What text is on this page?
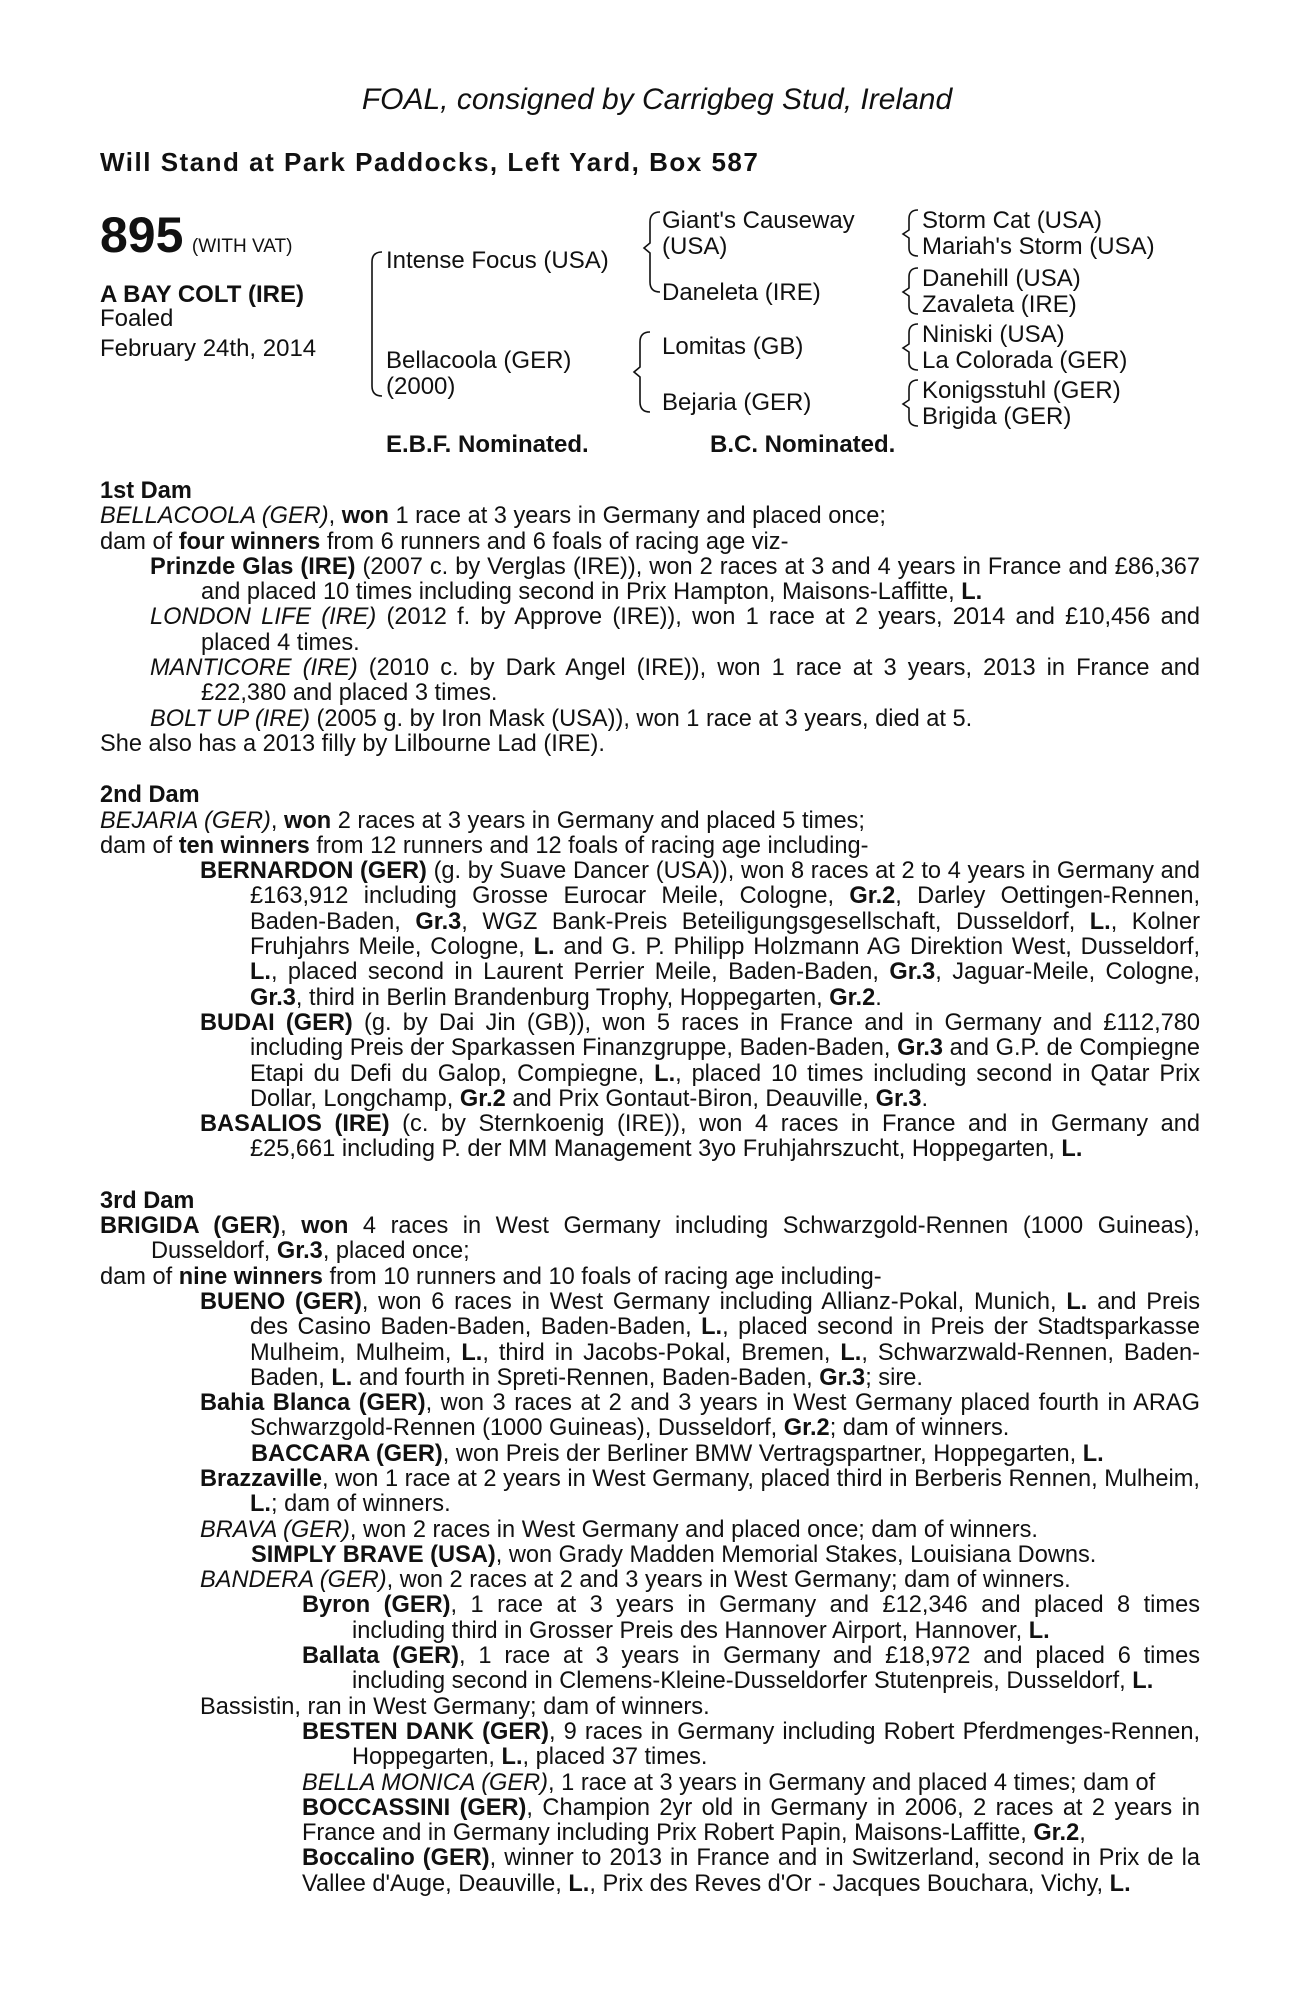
FOAL, consigned by Carrigbeg Stud, Ireland
Will Stand at Park Paddocks, Left Yard, Box 587
895 (WITH VAT)
A BAY COLT (IRE)
Foaled
February 24th, 2014
Intense Focus (USA)
Bellacoola (GER)
(2000)
Giant's Causeway
(USA)
Daneleta (IRE)
Lomitas (GB)
Bejaria (GER)
Storm Cat (USA)
Mariah's Storm (USA)
Danehill (USA)
Zavaleta (IRE)
Niniski (USA)
La Colorada (GER)
Konigsstuhl (GER)
Brigida (GER)
E.B.F. Nominated.	B.C. Nominated.

1st Dam

BELLACOOLA (GER), won 1 race at 3 years in Germany and placed once;

dam of four winners from 6 runners and 6 foals of racing age viz-

Prinzde Glas (IRE) (2007 c. by Verglas (IRE)), won 2 races at 3 and 4 years in France and £86,367 and placed 10 times including second in Prix Hampton, Maisons-Laffitte, L.

LONDON LIFE (IRE) (2012 f. by Approve (IRE)), won 1 race at 2 years, 2014 and £10,456 and placed 4 times.

MANTICORE (IRE) (2010 c. by Dark Angel (IRE)), won 1 race at 3 years, 2013 in France and £22,380 and placed 3 times.

BOLT UP (IRE) (2005 g. by Iron Mask (USA)), won 1 race at 3 years, died at 5.

She also has a 2013 filly by Lilbourne Lad (IRE).

2nd Dam

BEJARIA (GER), won 2 races at 3 years in Germany and placed 5 times;

dam of ten winners from 12 runners and 12 foals of racing age including-

BERNARDON (GER) (g. by Suave Dancer (USA)), won 8 races at 2 to 4 years in Germany and £163,912 including Grosse Eurocar Meile, Cologne, Gr.2, Darley Oettingen-Rennen, Baden-Baden, Gr.3, WGZ Bank-Preis Beteiligungsgesellschaft, Dusseldorf, L., Kolner Fruhjahrs Meile, Cologne, L. and G. P. Philipp Holzmann AG Direktion West, Dusseldorf, L., placed second in Laurent Perrier Meile, Baden-Baden, Gr.3, Jaguar-Meile, Cologne, Gr.3, third in Berlin Brandenburg Trophy, Hoppegarten, Gr.2.

BUDAI (GER) (g. by Dai Jin (GB)), won 5 races in France and in Germany and £112,780 including Preis der Sparkassen Finanzgruppe, Baden-Baden, Gr.3 and G.P. de Compiegne Etapi du Defi du Galop, Compiegne, L., placed 10 times including second in Qatar Prix Dollar, Longchamp, Gr.2 and Prix Gontaut-Biron, Deauville, Gr.3.

BASALIOS (IRE) (c. by Sternkoenig (IRE)), won 4 races in France and in Germany and £25,661 including P. der MM Management 3yo Fruhjahrszucht, Hoppegarten, L.

3rd Dam

BRIGIDA (GER), won 4 races in West Germany including Schwarzgold-Rennen (1000 Guineas), Dusseldorf, Gr.3, placed once;

dam of nine winners from 10 runners and 10 foals of racing age including-

BUENO (GER), won 6 races in West Germany including Allianz-Pokal, Munich, L. and Preis des Casino Baden-Baden, Baden-Baden, L., placed second in Preis der Stadtsparkasse Mulheim, Mulheim, L., third in Jacobs-Pokal, Bremen, L., Schwarzwald-Rennen, Baden-Baden, L. and fourth in Spreti-Rennen, Baden-Baden, Gr.3; sire.

Bahia Blanca (GER), won 3 races at 2 and 3 years in West Germany placed fourth in ARAG Schwarzgold-Rennen (1000 Guineas), Dusseldorf, Gr.2; dam of winners.

BACCARA (GER), won Preis der Berliner BMW Vertragspartner, Hoppegarten, L.

Brazzaville, won 1 race at 2 years in West Germany, placed third in Berberis Rennen, Mulheim, L.; dam of winners.

BRAVA (GER), won 2 races in West Germany and placed once; dam of winners.

SIMPLY BRAVE (USA), won Grady Madden Memorial Stakes, Louisiana Downs.

BANDERA (GER), won 2 races at 2 and 3 years in West Germany; dam of winners.

Byron (GER), 1 race at 3 years in Germany and £12,346 and placed 8 times including third in Grosser Preis des Hannover Airport, Hannover, L.

Ballata (GER), 1 race at 3 years in Germany and £18,972 and placed 6 times including second in Clemens-Kleine-Dusseldorfer Stutenpreis, Dusseldorf, L.

Bassistin, ran in West Germany; dam of winners.

BESTEN DANK (GER), 9 races in Germany including Robert Pferdmenges-Rennen, Hoppegarten, L., placed 37 times.

BELLA MONICA (GER), 1 race at 3 years in Germany and placed 4 times; dam of

BOCCASSINI (GER), Champion 2yr old in Germany in 2006, 2 races at 2 years in France and in Germany including Prix Robert Papin, Maisons-Laffitte, Gr.2,

Boccalino (GER), winner to 2013 in France and in Switzerland, second in Prix de la Vallee d'Auge, Deauville, L., Prix des Reves d'Or - Jacques Bouchara, Vichy, L.
